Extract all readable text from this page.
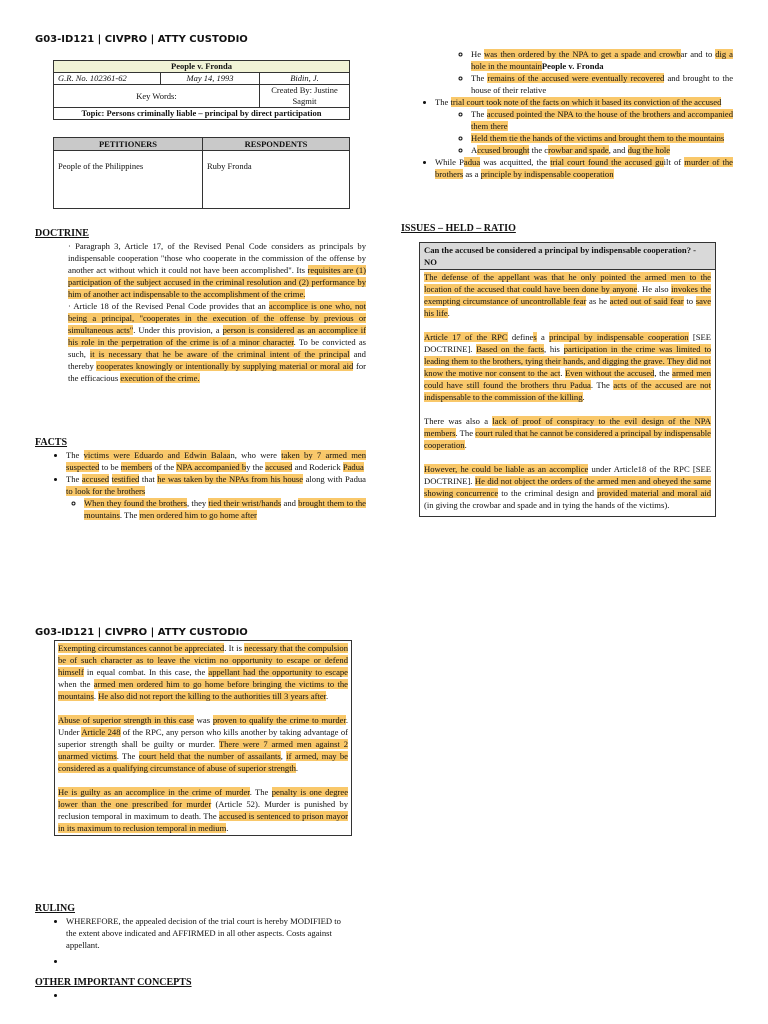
G03-ID121 | CIVPRO | ATTY CUSTODIO
People v. Fronda		
G.R. No. 102361-62	May 14, 1993	Bidin, J.
Key Words:		Created By: Justine Sagmit
Topic: Persons criminally liable – principal by direct participation		
PETITIONERS	RESPONDENTS
People of the Philippines	Ruby Fronda
DOCTRINE
· Paragraph 3, Article 17, of the Revised Penal Code considers as principals by indispensable cooperation "those who cooperate in the commission of the offense by another act without which it could not have been accomplished". Its requisites are (1) participation of the subject accused in the criminal resolution and (2) performance by him of another act indispensable to the accomplishment of the crime.
· Article 18 of the Revised Penal Code provides that an accomplice is one who, not being a principal, "cooperates in the execution of the offense by previous or simultaneous acts". Under this provision, a person is considered as an accomplice if his role in the perpetration of the crime is of a minor character. To be convicted as such, it is necessary that he be aware of the criminal intent of the principal and thereby cooperates knowingly or intentionally by supplying material or moral aid for the efficacious execution of the crime.
FACTS
• The victims were Eduardo and Edwin Balaan, who were taken by 7 armed men suspected to be members of the NPA accompanied by the accused and Roderick Padua
• The accused testified that he was taken by the NPAs from his house along with Padua to look for the brothers
◦ When they found the brothers, they tied their wrist/hands and brought them to the mountains. The men ordered him to go home after
◦ He was then ordered by the NPA to get a spade and crowbar and to dig a hole in the mountainPeople v. Fronda
◦ The remains of the accused were eventually recovered and brought to the house of their relative
• The trial court took note of the facts on which it based its conviction of the accused
◦ The accused pointed the NPA to the house of the brothers and accompanied them there
◦ Held them tie the hands of the victims and brought them to the mountains
◦ Accused brought the crowbar and spade, and dug the hole
• While Padua was acquitted, the trial court found the accused guilt of murder of the brothers as a principle by indispensable cooperation
ISSUES – HELD – RATIO
Can the accused be considered a principal by indispensable cooperation? - NO

The defense of the appellant was that he only pointed the armed men to the location of the accused that could have been done by anyone. He also invokes the exempting circumstance of uncontrollable fear as he acted out of said fear to save his life.

Article 17 of the RPC defines a principal by indispensable cooperation [SEE DOCTRINE]. Based on the facts, his participation in the crime was limited to leading them to the brothers, tying their hands, and digging the grave. They did not know the motive nor consent to the act. Even without the accused, the armed men could have still found the brothers thru Padua. The acts of the accused are not indispensable to the commission of the killing.

There was also a lack of proof of conspiracy to the evil design of the NPA members. The court ruled that he cannot be considered a principal by indispensable cooperation.

However, he could be liable as an accomplice under Article18 of the RPC [SEE DOCTRINE]. He did not object the orders of the armed men and obeyed the same showing concurrence to the criminal design and provided material and moral aid (in giving the crowbar and spade and in tying the hands of the victims).

G03-ID121 | CIVPRO | ATTY CUSTODIO

Exempting circumstances cannot be appreciated. It is necessary that the compulsion be of such character as to leave the victim no opportunity to escape or defend himself in equal combat. In this case, the appellant had the opportunity to escape when the armed men ordered him to go home before bringing the victims to the mountains. He also did not report the killing to the authorities till 3 years after.

Abuse of superior strength in this case was proven to qualify the crime to murder. Under Article 248 of the RPC, any person who kills another by taking advantage of superior strength shall be guilty or murder. There were 7 armed men against 2 unarmed victims. The court held that the number of assailants, if armed, may be considered as a qualifying circumstance of abuse of superior strength.

He is guilty as an accomplice in the crime of murder. The penalty is one degree lower than the one prescribed for murder (Article 52). Murder is punished by reclusion temporal in maximum to death. The accused is sentenced to prison mayor in its maximum to reclusion temporal in medium.

RULING
• WHEREFORE, the appealed decision of the trial court is hereby MODIFIED to the extent above indicated and AFFIRMED in all other aspects. Costs against appellant.
•
OTHER IMPORTANT CONCEPTS
•
